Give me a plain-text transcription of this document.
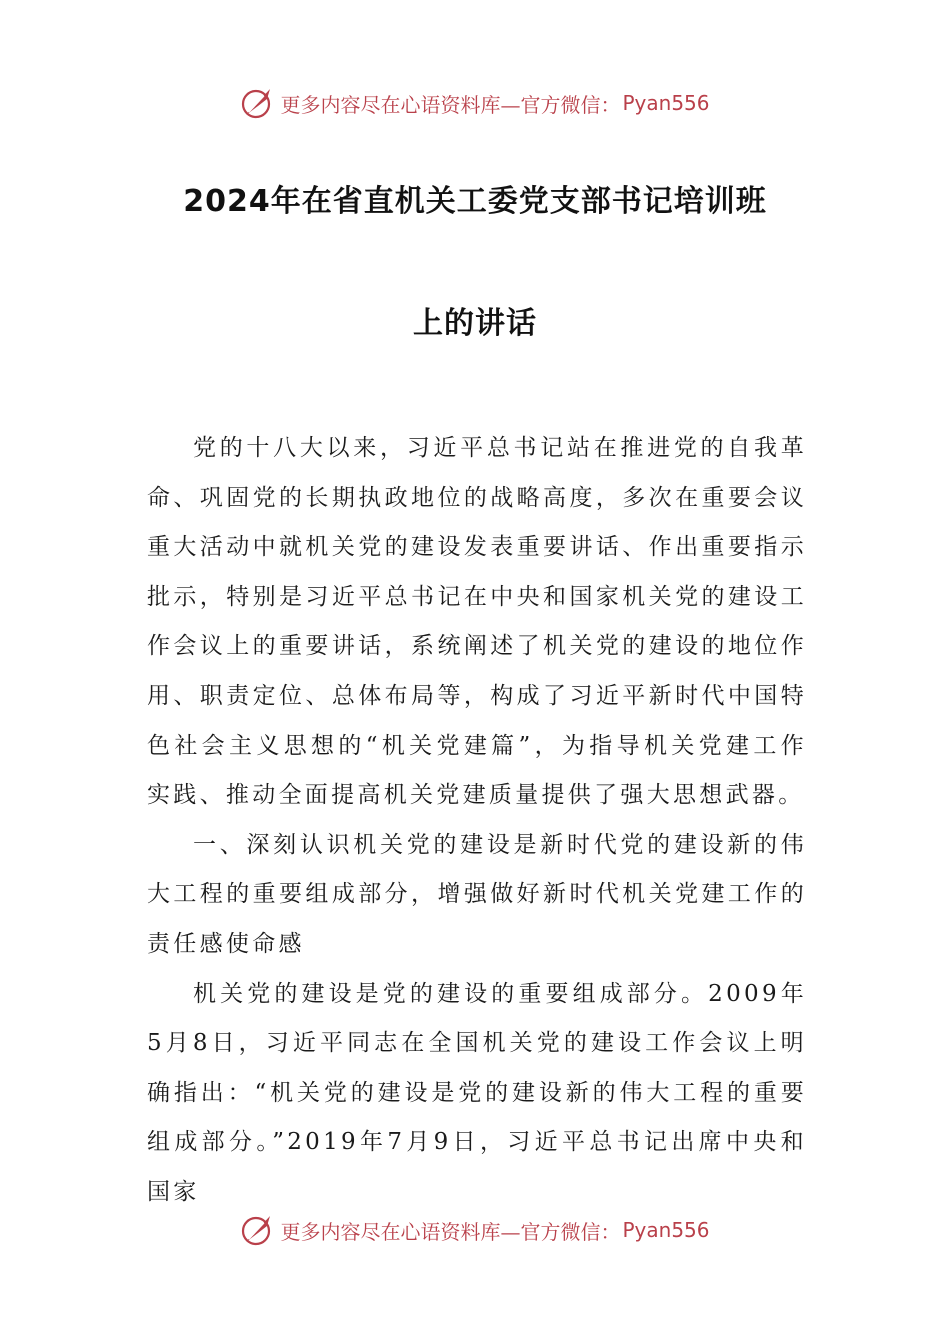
更多内容尽在心语资料库—官方微信： Pyan556
2024年在省直机关工委党支部书记培训班
上的讲话

党的十八大以来，习近平总书记站在推进党的自我革命、巩固党的长期执政地位的战略高度，多次在重要会议重大活动中就机关党的建设发表重要讲话、作出重要指示批示，特别是习近平总书记在中央和国家机关党的建设工作会议上的重要讲话，系统阐述了机关党的建设的地位作用、职责定位、总体布局等，构成了习近平新时代中国特色社会主义思想的“机关党建篇”，为指导机关党建工作实践、推动全面提高机关党建质量提供了强大思想武器。

一、深刻认识机关党的建设是新时代党的建设新的伟大工程的重要组成部分，增强做好新时代机关党建工作的责任感使命感

机关党的建设是党的建设的重要组成部分。2009年5月8日，习近平同志在全国机关党的建设工作会议上明确指出：“机关党的建设是党的建设新的伟大工程的重要组成部分。”2019年7月9日，习近平总书记出席中央和国家

更多内容尽在心语资料库—官方微信： Pyan556
